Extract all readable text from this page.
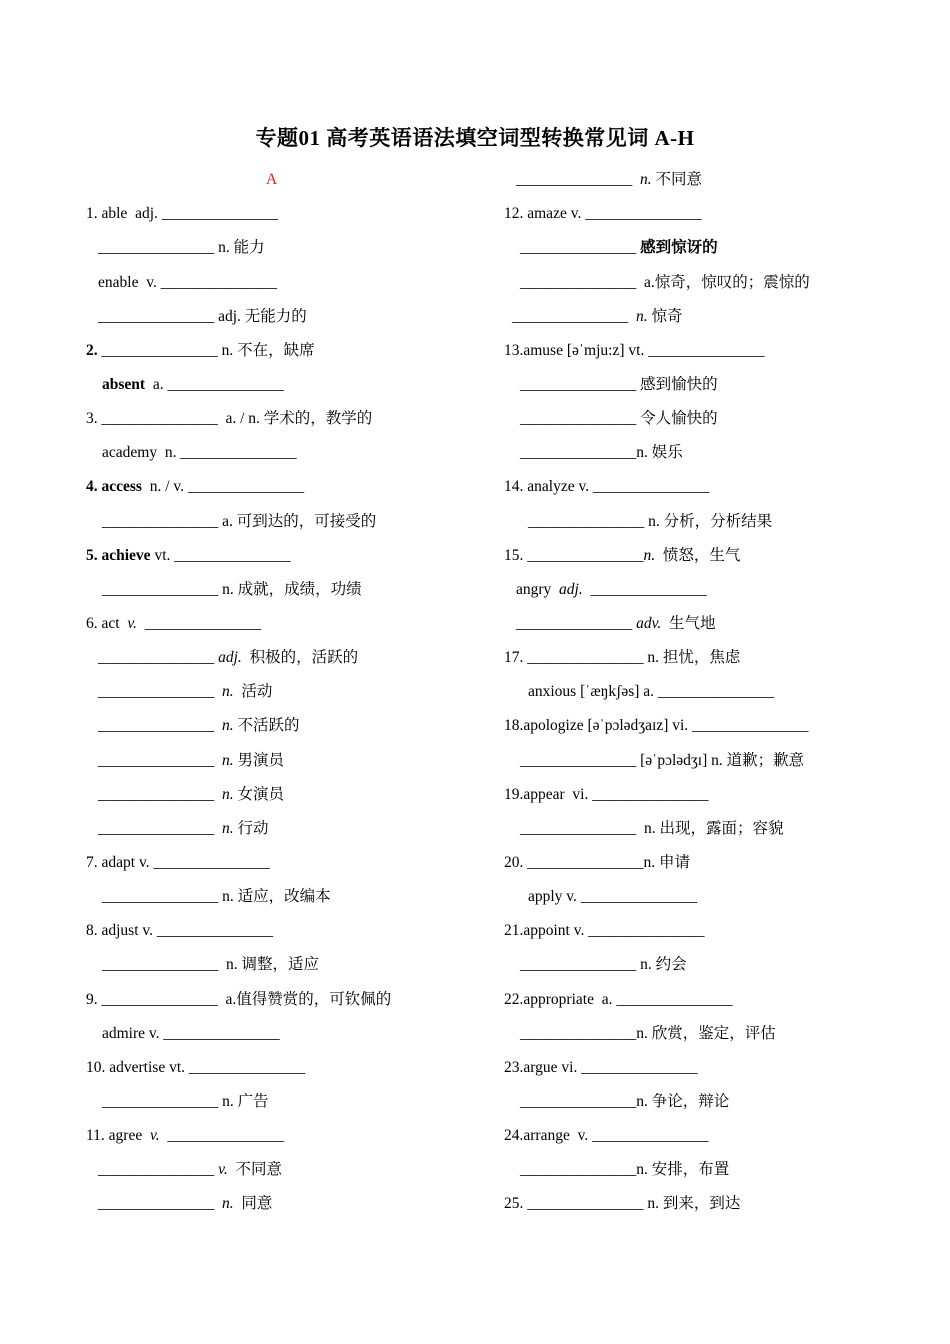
专题01 高考英语语法填空词型转换常见词 A-H
A
1. able  adj. _______________
_______________ n. 能力
enable  v. _______________
_______________ adj. 无能力的
2. _______________ n. 不在，缺席
absent a. _______________
3. _______________ a. / n. 学术的，教学的
academy  n. _______________
4. access n. / v. _______________
_______________ a. 可到达的，可接受的
5. achieve vt. _______________
_______________ n. 成就，成绩，功绩
6. act v. _______________
_______________
adj. 积极的，活跃的
_______________
n. 活动
_______________
n. 不活跃的
_______________
n. 男演员
_______________
n. 女演员
_______________
n. 行动
7. adapt v. _______________
_______________ n. 适应，改编本
8. adjust v. _______________
_______________ n. 调整，适应
9. _______________ a.值得赞赏的，可钦佩的
admire v. _______________
10. advertise vt. _______________
_______________ n. 广告
11. agree v. _______________
_______________
v. 不同意
_______________
n. 同意
_______________
n. 不同意
12. amaze v. _______________
_______________ 感到惊讶的
_______________ a.惊奇，惊叹的；震惊的
_______________
n. 惊奇
13.amuse [əˈmju:z] vt. _______________
_______________ 感到愉快的
_______________ 令人愉快的
_______________ n. 娱乐
14. analyze v. _______________
_______________ n. 分析，分析结果
15. _______________ n. 愤怒，生气
angry adj. _______________
_______________
adv. 生气地
17. _______________ n. 担忧，焦虑
anxious [ˈæŋkʃəs] a. _______________
18.apologize [əˈpɔlədʒaɪz] vi. _______________
_______________ [əˈpɔlədʒɪ] n. 道歉；歉意
19.appear  vi. _______________
_______________ n. 出现，露面；容貌
20. _______________ n. 申请
apply v. _______________
21.appoint v. _______________
_______________ n. 约会
22.appropriate  a. _______________
_______________ n. 欣赏，鉴定，评估
23.argue vi. _______________
_______________ n. 争论，辩论
24.arrange  v. _______________
_______________ n. 安排，布置
25. _______________ n. 到来，到达
